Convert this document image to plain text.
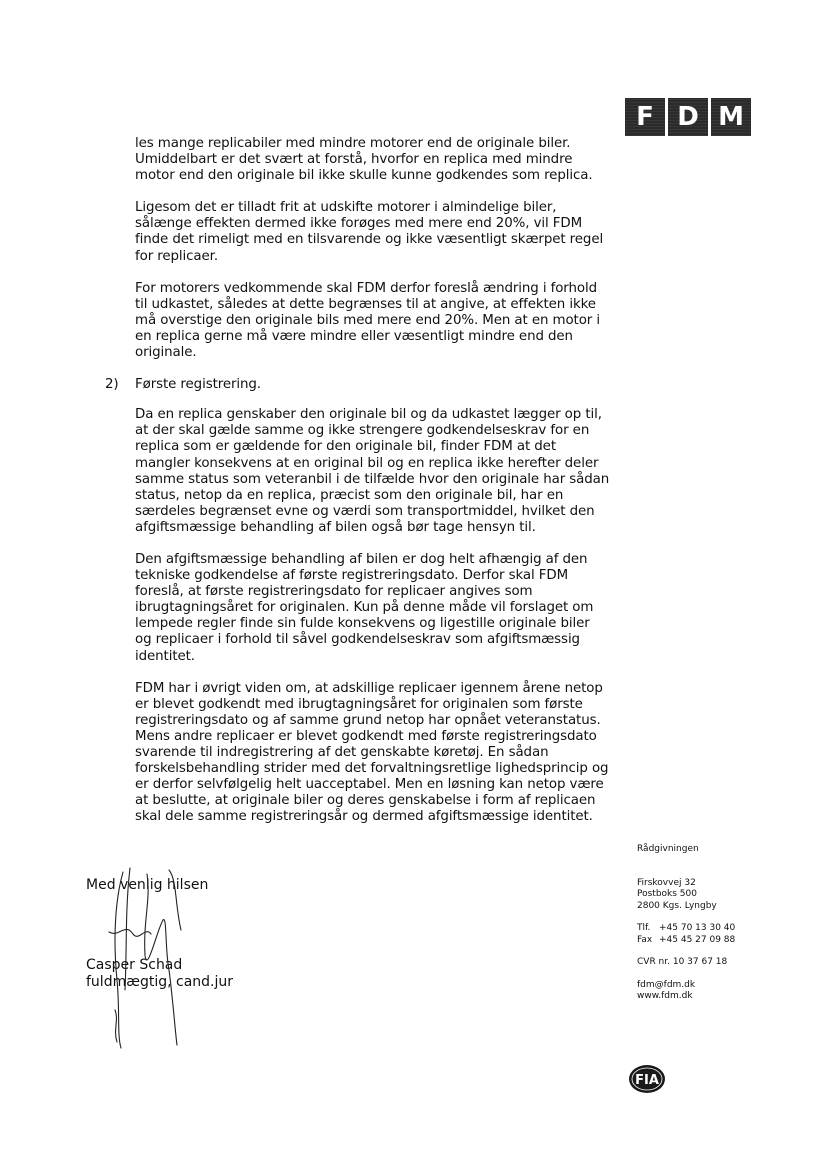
F D M

les mange replicabiler med mindre motorer end de originale biler. Umiddelbart er det svært at forstå, hvorfor en replica med mindre motor end den originale bil ikke skulle kunne godkendes som replica.

Ligesom det er tilladt frit at udskifte motorer i almindelige biler, sålænge effekten dermed ikke forøges med mere end 20%, vil FDM finde det rimeligt med en tilsvarende og ikke væsentligt skærpet regel for replicaer.

For motorers vedkommende skal FDM derfor foreslå ændring i forhold til udkastet, således at dette begrænses til at angive, at effekten ikke må overstige den originale bils med mere end 20%. Men at en motor i en replica gerne må være mindre eller væsentligt mindre end den originale.

2) Første registrering.

Da en replica genskaber den originale bil og da udkastet lægger op til, at der skal gælde samme og ikke strengere godkendelseskrav for en replica som er gældende for den originale bil, finder FDM at det mangler konsekvens at en original bil og en replica ikke herefter deler samme status som veteranbil i de tilfælde hvor den originale har sådan status, netop da en replica, præcist som den originale bil, har en særdeles begrænset evne og værdi som transportmiddel, hvilket den afgiftsmæssige behandling af bilen også bør tage hensyn til.

Den afgiftsmæssige behandling af bilen er dog helt afhængig af den tekniske godkendelse af første registreringsdato. Derfor skal FDM foreslå, at første registreringsdato for replicaer angives som ibrugtagningsåret for originalen. Kun på denne måde vil forslaget om lempede regler finde sin fulde konsekvens og ligestille originale biler og replicaer i forhold til såvel godkendelseskrav som afgiftsmæssig identitet.

FDM har i øvrigt viden om, at adskillige replicaer igennem årene netop er blevet godkendt med ibrugtagningsåret for originalen som første registreringsdato og af samme grund netop har opnået veteranstatus. Mens andre replicaer er blevet godkendt med første registreringsdato svarende til indregistrering af det genskabte køretøj. En sådan forskelsbehandling strider med det forvaltningsretlige lighedsprincip og er derfor selvfølgelig helt uacceptabel. Men en løsning kan netop være at beslutte, at originale biler og deres genskabelse i form af replicaen skal dele samme registreringsår og dermed afgiftsmæssige identitet.

Med venlig hilsen
Casper Schad
fuldmægtig, cand.jur
Rådgivningen
Firskovvej 32
Postboks 500
2800 Kgs. Lyngby
Tlf. +45 70 13 30 40
Fax +45 45 27 09 88
CVR nr. 10 37 67 18
fdm@fdm.dk
www.fdm.dk
FIA
